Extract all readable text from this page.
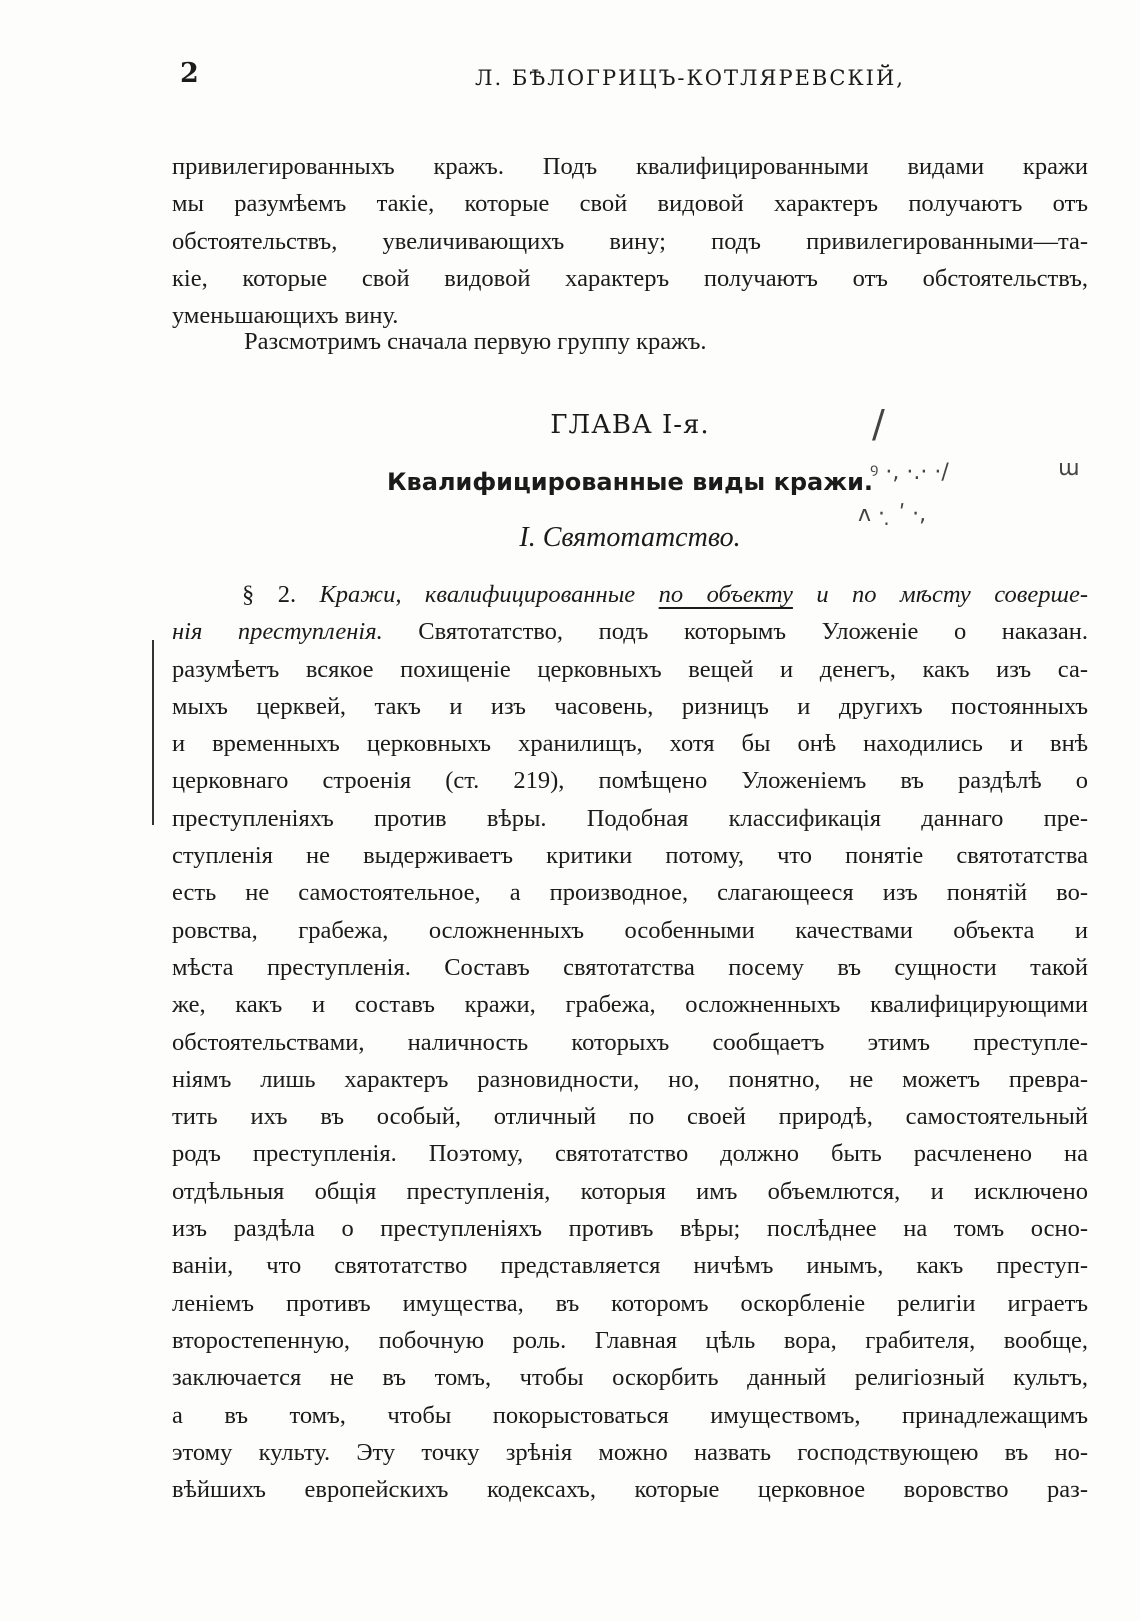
2	Л. БѢЛОГРИЦЪ-КОТЛЯРЕВСКІЙ,
привилегированныхъ кражъ. Подъ квалифицированными видами кражи
мы разумѣемъ такіе, которые свой видовой характеръ получаютъ отъ
обстоятельствъ, увеличивающихъ вину; подъ привилегированными—та-
кіе, которые свой видовой характеръ получаютъ отъ обстоятельствъ,
уменьшающихъ вину.
Разсмотримъ сначала первую группу кражъ.
ГЛАВА I-я.
Квалифицированные виды кражи.
I. Святотатство.
/
ꝰ ·, ·.· ·/	ɯ
ʌ · ̣ ʹ ·,
§ 2. Кражи, квалифицированные по объекту и по мѣсту соверше-
нія преступленія. Святотатство, подъ которымъ Уложеніе о наказан.
разумѣетъ всякое похищеніе церковныхъ вещей и денегъ, какъ изъ са-
мыхъ церквей, такъ и изъ часовень, ризницъ и другихъ постоянныхъ
и временныхъ церковныхъ хранилищъ, хотя бы онѣ находились и внѣ
церковнаго строенія (ст. 219), помѣщено Уложеніемъ въ раздѣлѣ о
преступленіяхъ против вѣры. Подобная классификація даннаго пре-
ступленія не выдерживаетъ критики потому, что понятіе святотатства
есть не самостоятельное, а производное, слагающееся изъ понятій во-
ровства, грабежа, осложненныхъ особенными качествами объекта и
мѣста преступленія. Составъ святотатства посему въ сущности такой
же, какъ и составъ кражи, грабежа, осложненныхъ квалифицирующими
обстоятельствами, наличность которыхъ сообщаетъ этимъ преступле-
ніямъ лишь характеръ разновидности, но, понятно, не можетъ превра-
тить ихъ въ особый, отличный по своей природѣ, самостоятельный
родъ преступленія. Поэтому, святотатство должно быть расчленено на
отдѣльныя общія преступленія, которыя имъ объемлются, и исключено
изъ раздѣла о преступленіяхъ противъ вѣры; послѣднее на томъ осно-
ваніи, что святотатство представляется ничѣмъ инымъ, какъ преступ-
леніемъ противъ имущества, въ которомъ оскорбленіе религіи играетъ
второстепенную, побочную роль. Главная цѣль вора, грабителя, вообще,
заключается не въ томъ, чтобы оскорбить данный религіозный культъ,
а въ томъ, чтобы покорыстоваться имуществомъ, принадлежащимъ
этому культу. Эту точку зрѣнія можно назвать господствующею въ но-
вѣйшихъ европейскихъ кодексахъ, которые церковное воровство раз-
